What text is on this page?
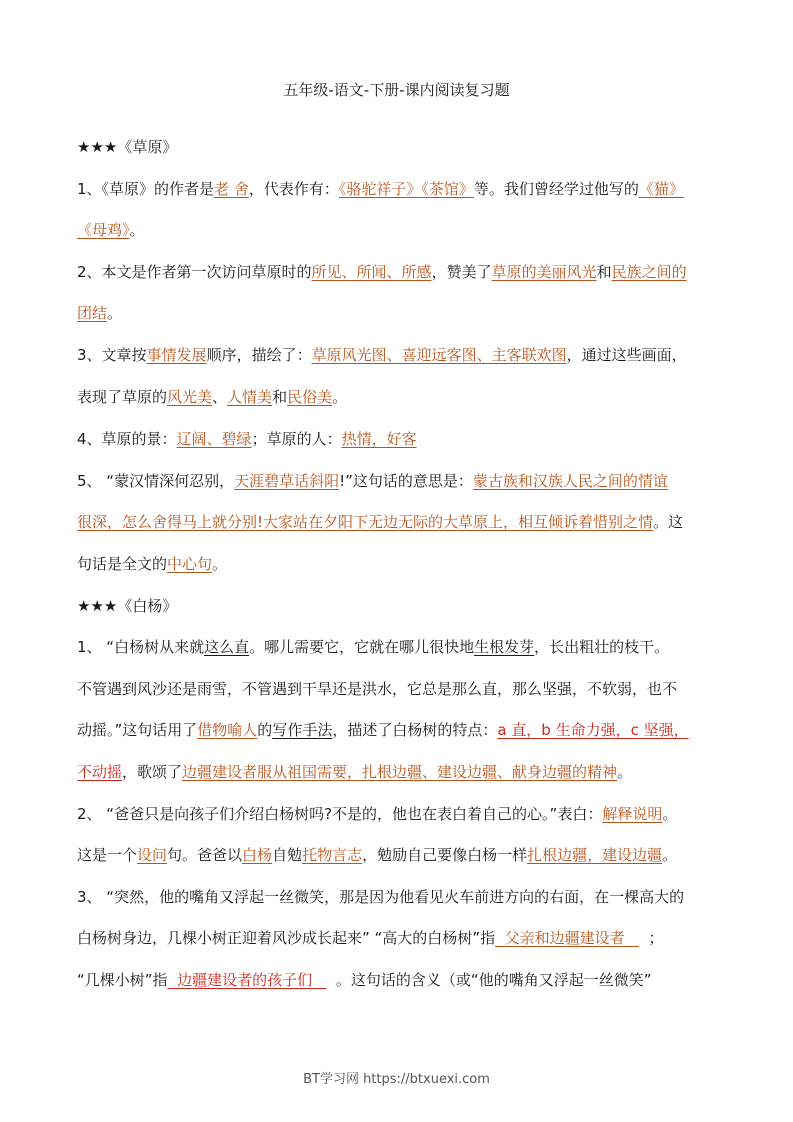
五年级-语文-下册-课内阅读复习题
★★★《草原》
1、《草原》的作者是老 舍，代表作有：《骆驼祥子》《茶馆》等。我们曾经学过他写的《猫》
《母鸡》。
2、本文是作者第一次访问草原时的所见、所闻、所感，赞美了草原的美丽风光和民族之间的
团结。
3、文章按事情发展顺序，描绘了：草原风光图、喜迎远客图、主客联欢图，通过这些画面，
表现了草原的风光美、人情美和民俗美。
4、草原的景：辽阔、碧绿；草原的人：热情，好客
5、 “蒙汉情深何忍别，天涯碧草话斜阳!”这句话的意思是：蒙古族和汉族人民之间的情谊
很深，怎么舍得马上就分别!大家站在夕阳下无边无际的大草原上，相互倾诉着惜别之情。这
句话是全文的中心句。
★★★《白杨》
1、 “白杨树从来就这么直。哪儿需要它，它就在哪儿很快地生根发芽，长出粗壮的枝干。
不管遇到风沙还是雨雪，不管遇到干旱还是洪水，它总是那么直，那么坚强，不软弱，也不
动摇。”这句话用了借物喻人的写作手法，描述了白杨树的特点：a 直，b 生命力强，c 坚强，
不动摇，歌颂了边疆建设者服从祖国需要，扎根边疆、建设边疆、献身边疆的精神。
2、 “爸爸只是向孩子们介绍白杨树吗?不是的，他也在表白着自己的心。”表白：解释说明。
这是一个设问句。爸爸以白杨自勉托物言志，勉励自己要像白杨一样扎根边疆，建设边疆。
3、 “突然，他的嘴角又浮起一丝微笑，那是因为他看见火车前进方向的右面，在一棵高大的
白杨树身边，几棵小树正迎着风沙成长起来” “高大的白杨树”指  父亲和边疆建设者     ；
“几棵小树”指  边疆建设者的孩子们     。这句话的含义（或“他的嘴角又浮起一丝微笑”
BT学习网 https://btxuexi.com
